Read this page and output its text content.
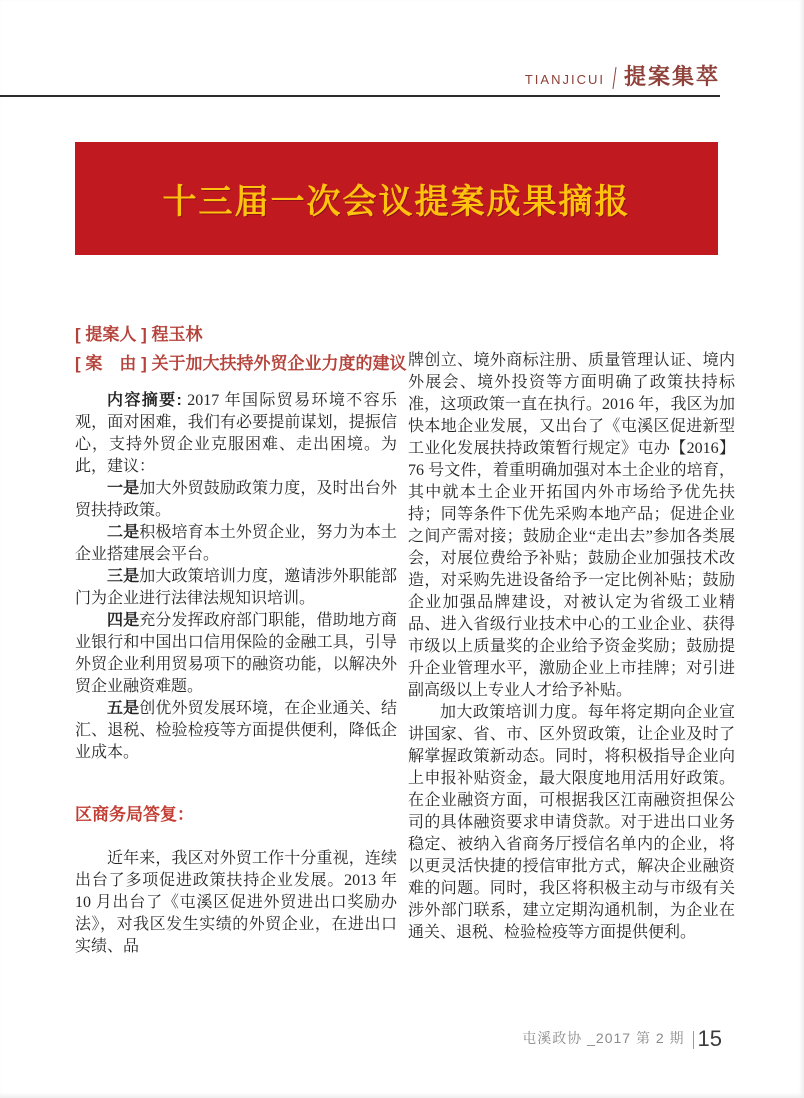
TIANJICUI 提案集萃
十三届一次会议提案成果摘报
[ 提案人 ] 程玉林
[ 案　由 ] 关于加大扶持外贸企业力度的建议

内容摘要: 2017 年国际贸易环境不容乐观，面对困难，我们有必要提前谋划，提振信心，支持外贸企业克服困难、走出困境。为此，建议：

一是加大外贸鼓励政策力度，及时出台外贸扶持政策。

二是积极培育本土外贸企业，努力为本土企业搭建展会平台。

三是加大政策培训力度，邀请涉外职能部门为企业进行法律法规知识培训。

四是充分发挥政府部门职能，借助地方商业银行和中国出口信用保险的金融工具，引导外贸企业利用贸易项下的融资功能，以解决外贸企业融资难题。

五是创优外贸发展环境，在企业通关、结汇、退税、检验检疫等方面提供便利，降低企业成本。

区商务局答复：

近年来，我区对外贸工作十分重视，连续出台了多项促进政策扶持企业发展。2013 年 10 月出台了《屯溪区促进外贸进出口奖励办法》，对我区发生实绩的外贸企业，在进出口实绩、品

牌创立、境外商标注册、质量管理认证、境内外展会、境外投资等方面明确了政策扶持标准，这项政策一直在执行。2016 年，我区为加快本地企业发展，又出台了《屯溪区促进新型工业化发展扶持政策暂行规定》屯办【2016】76 号文件，着重明确加强对本土企业的培育，其中就本土企业开拓国内外市场给予优先扶持；同等条件下优先采购本地产品；促进企业之间产需对接；鼓励企业“走出去”参加各类展会，对展位费给予补贴；鼓励企业加强技术改造，对采购先进设备给予一定比例补贴；鼓励企业加强品牌建设，对被认定为省级工业精品、进入省级行业技术中心的工业企业、获得市级以上质量奖的企业给予资金奖励；鼓励提升企业管理水平，激励企业上市挂牌；对引进副高级以上专业人才给予补贴。

加大政策培训力度。每年将定期向企业宣讲国家、省、市、区外贸政策，让企业及时了解掌握政策新动态。同时，将积极指导企业向上申报补贴资金，最大限度地用活用好政策。在企业融资方面，可根据我区江南融资担保公司的具体融资要求申请贷款。对于进出口业务稳定、被纳入省商务厅授信名单内的企业，将以更灵活快捷的授信审批方式，解决企业融资难的问题。同时，我区将积极主动与市级有关涉外部门联系，建立定期沟通机制，为企业在通关、退税、检验检疫等方面提供便利。

屯溪政协 _2017 第 2 期 15
